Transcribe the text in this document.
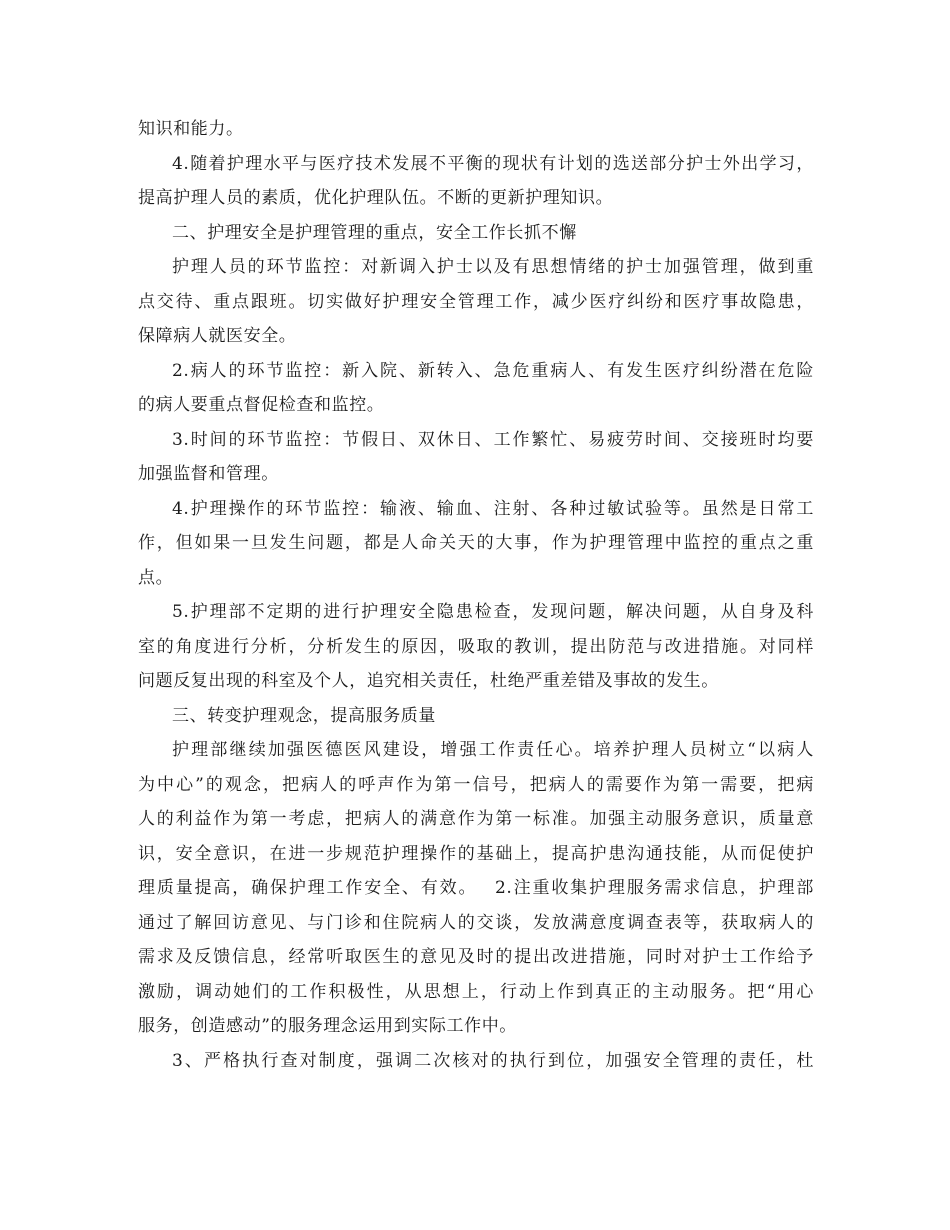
知识和能力。
4.随着护理水平与医疗技术发展不平衡的现状有计划的选送部分护士外出学习，
提高护理人员的素质，优化护理队伍。不断的更新护理知识。
二、护理安全是护理管理的重点，安全工作长抓不懈
护理人员的环节监控：对新调入护士以及有思想情绪的护士加强管理，做到重
点交待、重点跟班。切实做好护理安全管理工作，减少医疗纠纷和医疗事故隐患，
保障病人就医安全。
2.病人的环节监控：新入院、新转入、急危重病人、有发生医疗纠纷潜在危险
的病人要重点督促检查和监控。
3.时间的环节监控：节假日、双休日、工作繁忙、易疲劳时间、交接班时均要
加强监督和管理。
4.护理操作的环节监控：输液、输血、注射、各种过敏试验等。虽然是日常工
作，但如果一旦发生问题，都是人命关天的大事，作为护理管理中监控的重点之重
点。
5.护理部不定期的进行护理安全隐患检查，发现问题，解决问题，从自身及科
室的角度进行分析，分析发生的原因，吸取的教训，提出防范与改进措施。对同样
问题反复出现的科室及个人，追究相关责任，杜绝严重差错及事故的发生。
三、转变护理观念，提高服务质量
护理部继续加强医德医风建设，增强工作责任心。培养护理人员树立“以病人
为中心”的观念，把病人的呼声作为第一信号，把病人的需要作为第一需要，把病
人的利益作为第一考虑，把病人的满意作为第一标准。加强主动服务意识，质量意
识，安全意识，在进一步规范护理操作的基础上，提高护患沟通技能，从而促使护
理质量提高，确保护理工作安全、有效。　 2.注重收集护理服务需求信息，护理部
通过了解回访意见、与门诊和住院病人的交谈，发放满意度调查表等，获取病人的
需求及反馈信息，经常听取医生的意见及时的提出改进措施，同时对护士工作给予
激励，调动她们的工作积极性，从思想上，行动上作到真正的主动服务。把“用心
服务，创造感动”的服务理念运用到实际工作中。
3、严格执行查对制度，强调二次核对的执行到位，加强安全管理的责任，杜
